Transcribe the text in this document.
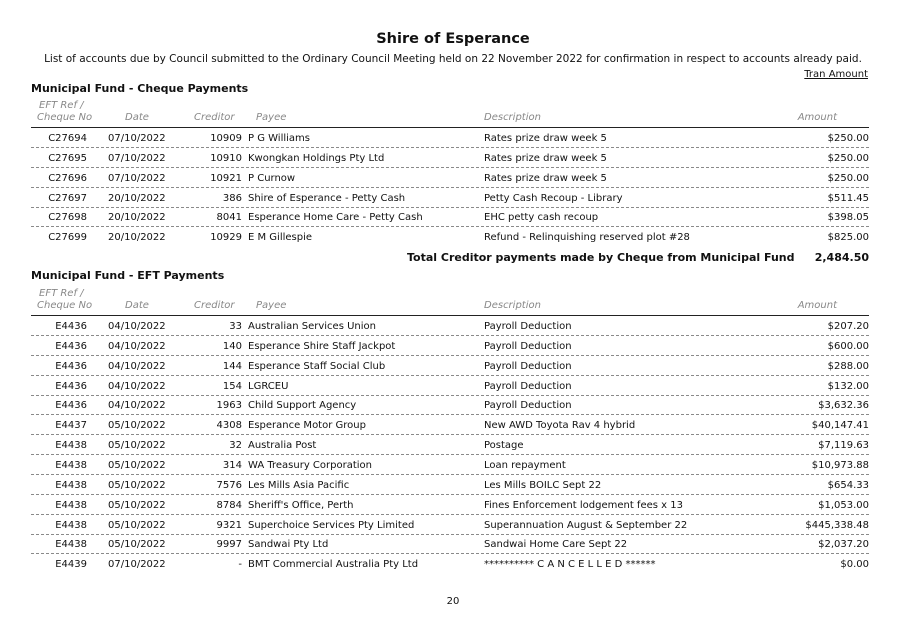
Shire of Esperance
List of accounts due by Council submitted to the Ordinary Council Meeting held on 22 November 2022 for confirmation in respect to accounts already paid.
Tran Amount
Municipal Fund - Cheque Payments
EFT Ref /
Cheque No	Date	Creditor Payee	Description	Amount
C27694 07/10/2022	10909 P G Williams	Rates prize draw week 5	$250.00
C27695 07/10/2022	10910 Kwongkan Holdings Pty Ltd	Rates prize draw week 5	$250.00
C27696 07/10/2022	10921 P Curnow	Rates prize draw week 5	$250.00
C27697 20/10/2022	386 Shire of Esperance - Petty Cash	Petty Cash Recoup - Library	$511.45
C27698 20/10/2022	8041 Esperance Home Care - Petty Cash	EHC petty cash recoup	$398.05
C27699 20/10/2022	10929 E M Gillespie	Refund - Relinquishing reserved plot #28	$825.00
Total Creditor payments made by Cheque from Municipal Fund 2,484.50
Municipal Fund - EFT Payments
EFT Ref /
Cheque No	Date	Creditor Payee	Description	Amount
E4436 04/10/2022	33 Australian Services Union	Payroll Deduction	$207.20
E4436 04/10/2022	140 Esperance Shire Staff Jackpot	Payroll Deduction	$600.00
E4436 04/10/2022	144 Esperance Staff Social Club	Payroll Deduction	$288.00
E4436 04/10/2022	154 LGRCEU	Payroll Deduction	$132.00
E4436 04/10/2022	1963 Child Support Agency	Payroll Deduction	$3,632.36
E4437 05/10/2022	4308 Esperance Motor Group	New AWD Toyota Rav 4 hybrid	$40,147.41
E4438 05/10/2022	32 Australia Post	Postage	$7,119.63
E4438 05/10/2022	314 WA Treasury Corporation	Loan repayment	$10,973.88
E4438 05/10/2022	7576 Les Mills Asia Pacific	Les Mills BOILC Sept 22	$654.33
E4438 05/10/2022	8784 Sheriff's Office, Perth	Fines Enforcement lodgement fees x 13	$1,053.00
E4438 05/10/2022	9321 Superchoice Services Pty Limited	Superannuation August & September 22	$445,338.48
E4438 05/10/2022	9997 Sandwai Pty Ltd	Sandwai Home Care Sept 22	$2,037.20
E4439 07/10/2022	- BMT Commercial Australia Pty Ltd	********** C A N C E L L E D ******	$0.00
20
